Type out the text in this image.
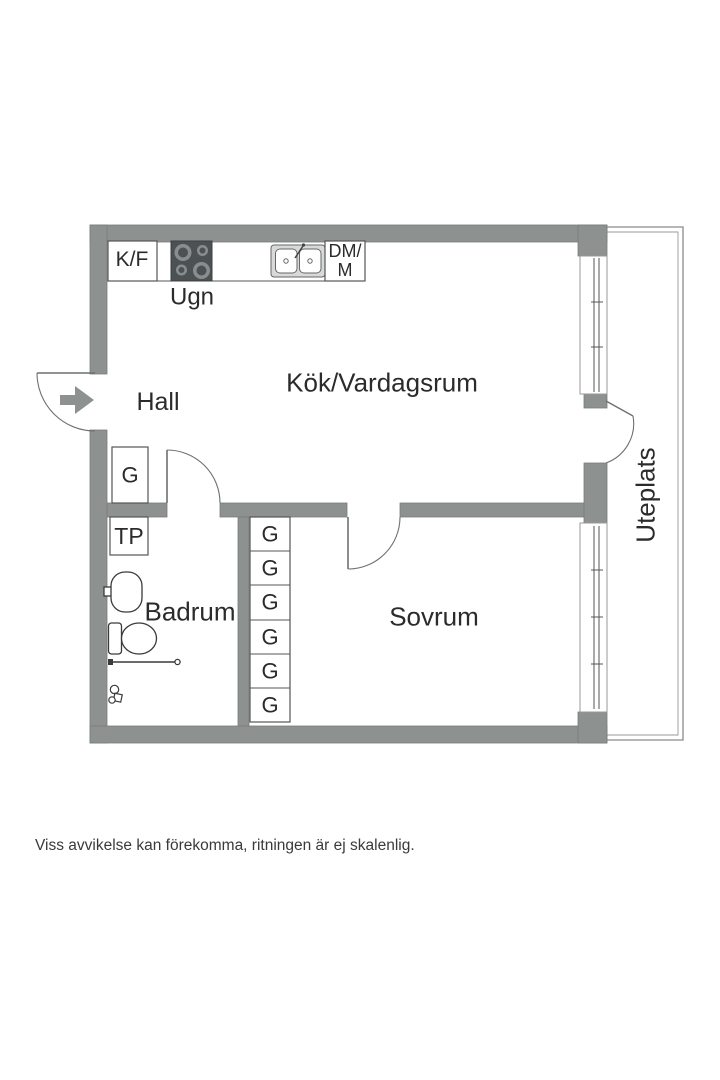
K/F
Ugn
DM/
M
Hall
Kök/Vardagsrum
G
TP
Badrum	Sovrum
G
G
G
G
G
G
Uteplats
Viss avvikelse kan förekomma, ritningen är ej skalenlig.
